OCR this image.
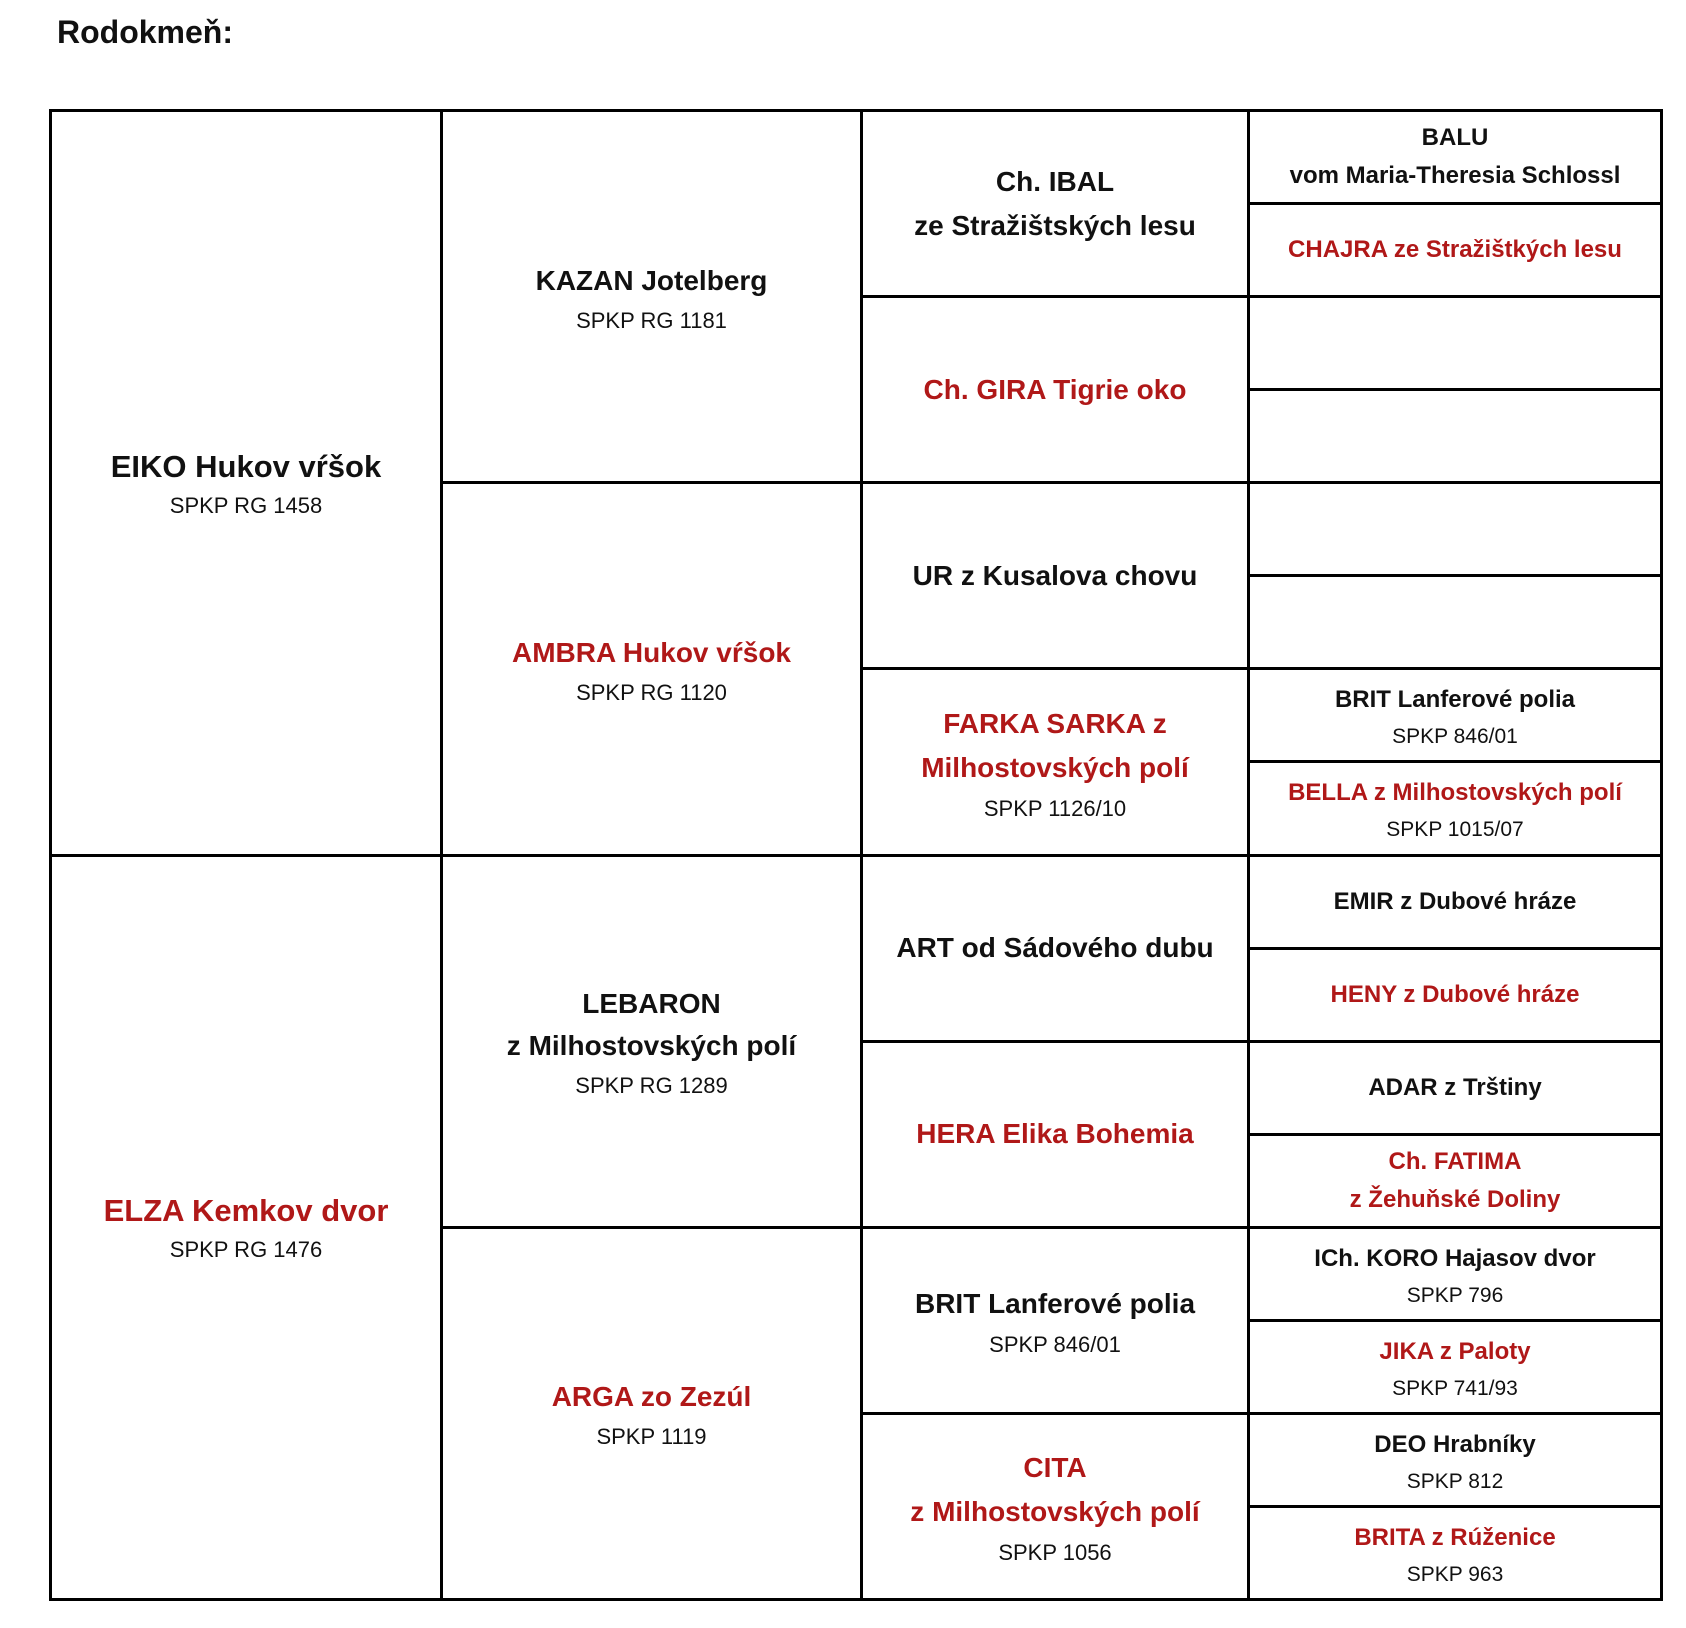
Rodokmeň:
EIKO Hukov vŕšok
SPKP RG 1458
ELZA Kemkov dvor
SPKP RG 1476
KAZAN Jotelberg
SPKP RG 1181
AMBRA Hukov vŕšok
SPKP RG 1120
LEBARON
z Milhostovských polí
SPKP RG 1289
ARGA zo Zezúl
SPKP 1119
Ch. IBAL
ze Stražištských lesu
Ch. GIRA Tigrie oko
UR z Kusalova chovu
FARKA SARKA z
Milhostovských polí
SPKP 1126/10
ART od Sádového dubu
HERA Elika Bohemia
BRIT Lanferové polia
SPKP 846/01
CITA
z Milhostovských polí
SPKP 1056
BALU
vom Maria-Theresia Schlossl
CHAJRA ze Stražištkých lesu
BRIT Lanferové polia
SPKP 846/01
BELLA z Milhostovských polí
SPKP 1015/07
EMIR z Dubové hráze
HENY z Dubové hráze
ADAR z Trštiny
Ch. FATIMA
z Žehuňské Doliny
ICh. KORO Hajasov dvor
SPKP 796
JIKA z Paloty
SPKP 741/93
DEO Hrabníky
SPKP 812
BRITA z Rúženice
SPKP 963
